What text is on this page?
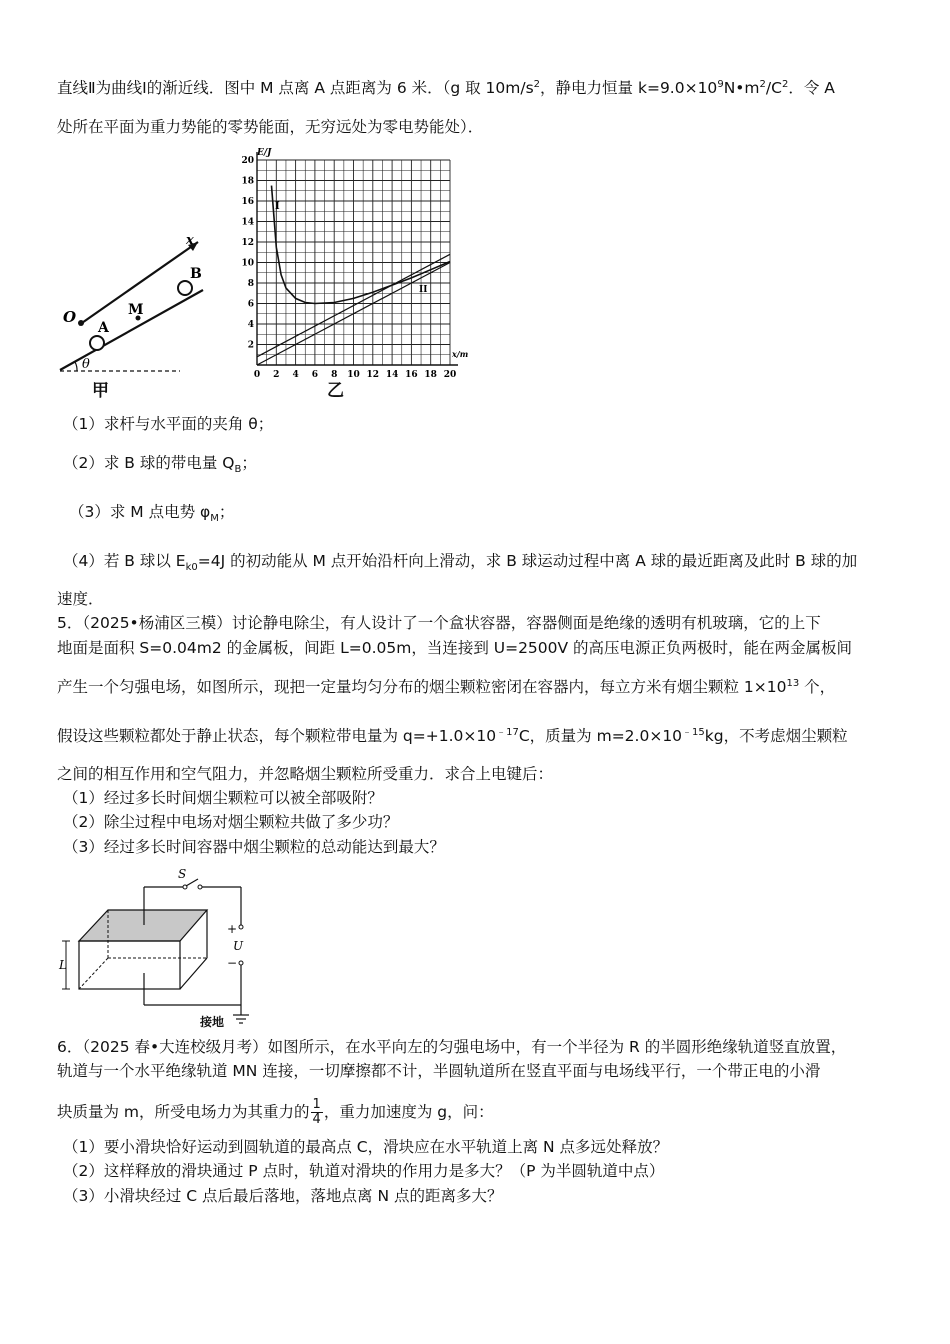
直线Ⅱ为曲线Ⅰ的渐近线．图中 M 点离 A 点距离为 6 米．（g 取 $10m/s^2$，静电力恒量 $k=9.0\times 10^9N•m^2/C^2$．令 A
处所在平面为重力势能的零势能面，无穷远处为零电势能处）．
x
B
M
O
A
θ
甲
0 2 4 6 8 10 12 14 16 18 20
2
4
6
8
10
12
14
16
18
20
E/J
x/m
I
II
乙
（1）求杆与水平面的夹角 θ；
（2）求 B 球的带电量 $Q_B$；
（3）求 M 点电势 $\varphi_M$；
（4）若 B 球以 $E_{k0}=4J$ 的初动能从 M 点开始沿杆向上滑动，求 B 球运动过程中离 A 球的最近距离及此时 B 球的加
速度．
5．（2025•杨浦区三模）讨论静电除尘，有人设计了一个盒状容器，容器侧面是绝缘的透明有机玻璃，它的上下
地面是面积 S=0.04m2 的金属板，间距 L=0.05m，当连接到 U=2500V 的高压电源正负两极时，能在两金属板间
产生一个匀强电场，如图所示，现把一定量均匀分布的烟尘颗粒密闭在容器内，每立方米有烟尘颗粒 $1\times 10^{13}$ 个，
假设这些颗粒都处于静止状态，每个颗粒带电量为 $q=+1.0\times 10^{﹣17}C$，质量为 $m=2.0\times 10^{﹣15}kg$，不考虑烟尘颗粒
之间的相互作用和空气阻力，并忽略烟尘颗粒所受重力．求合上电键后：
（1）经过多长时间烟尘颗粒可以被全部吸附？
（2）除尘过程中电场对烟尘颗粒共做了多少功？
（3）经过多长时间容器中烟尘颗粒的总动能达到最大？
S
+
U
−
L
接地
6．（2025 春•大连校级月考）如图所示，在水平向左的匀强电场中，有一个半径为 R 的半圆形绝缘轨道竖直放置，
轨道与一个水平绝缘轨道 MN 连接，一切摩擦都不计，半圆轨道所在竖直平面与电场线平行，一个带正电的小滑
块质量为 m，所受电场力为其重力的 $\frac{1}{4}$ ，重力加速度为 g，问：
（1）要小滑块恰好运动到圆轨道的最高点 C，滑块应在水平轨道上离 N 点多远处释放？
（2）这样释放的滑块通过 P 点时，轨道对滑块的作用力是多大？（P 为半圆轨道中点）
（3）小滑块经过 C 点后最后落地，落地点离 N 点的距离多大？
